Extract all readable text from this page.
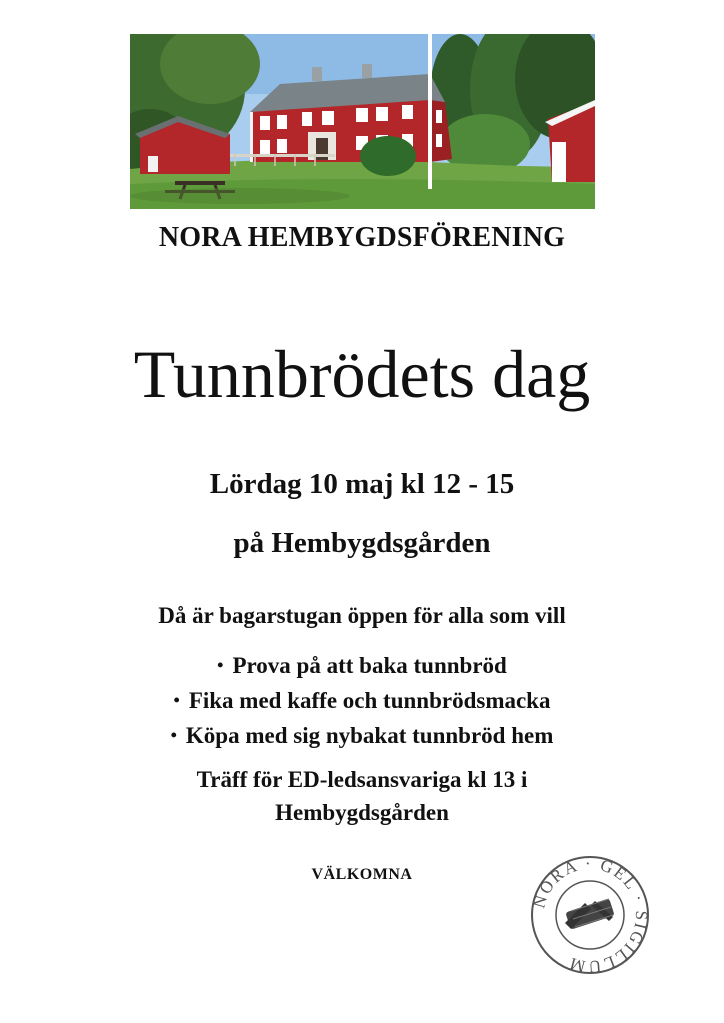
NORA HEMBYGDSFÖRENING
Tunnbrödets dag
Lördag 10 maj kl 12 - 15
på Hembygdsgården
Då är bagarstugan öppen för alla som vill
• Prova på att baka tunnbröd
• Fika med kaffe och tunnbrödsmacka
• Köpa med sig nybakat tunnbröd hem
Träff för ED-ledsansvariga kl 13 i
Hembygdsgården
VÄLKOMNA
NORA · GEL · SIGILLUM
